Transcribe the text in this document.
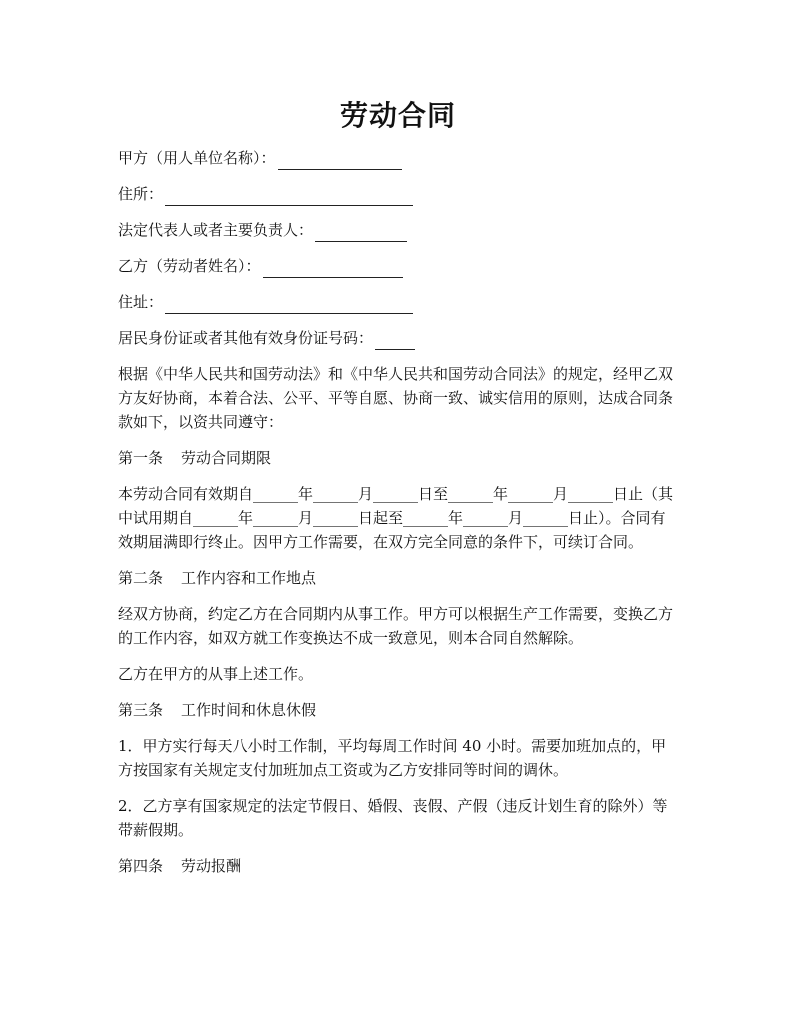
劳动合同
甲方（用人单位名称）：
住所：
法定代表人或者主要负责人：
乙方（劳动者姓名）：
住址：
居民身份证或者其他有效身份证号码：

根据《中华人民共和国劳动法》和《中华人民共和国劳动合同法》的规定，经甲乙双方友好协商，本着合法、公平、平等自愿、协商一致、诚实信用的原则，达成合同条款如下，以资共同遵守：

第一条 劳动合同期限

本劳动合同有效期自______年______月______日至______年______月______日止（其中试用期自______年______月______日起至______年______月______日止）。合同有效期届满即行终止。因甲方工作需要，在双方完全同意的条件下，可续订合同。

第二条 工作内容和工作地点

经双方协商，约定乙方在合同期内从事工作。甲方可以根据生产工作需要，变换乙方的工作内容，如双方就工作变换达不成一致意见，则本合同自然解除。

乙方在甲方的从事上述工作。

第三条 工作时间和休息休假

1．甲方实行每天八小时工作制，平均每周工作时间 40 小时。需要加班加点的，甲方按国家有关规定支付加班加点工资或为乙方安排同等时间的调休。

2．乙方享有国家规定的法定节假日、婚假、丧假、产假（违反计划生育的除外）等带薪假期。

第四条 劳动报酬
